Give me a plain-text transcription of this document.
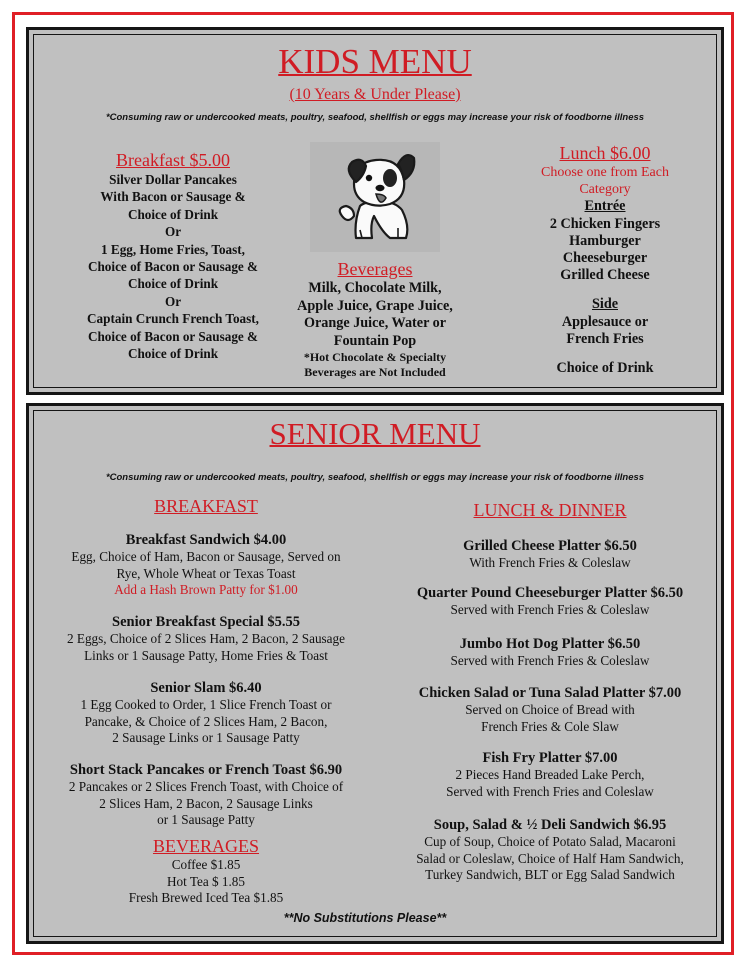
KIDS MENU
(10 Years & Under Please)
*Consuming raw or undercooked meats, poultry, seafood, shellfish or eggs may increase your risk of foodborne illness
Breakfast $5.00
Silver Dollar Pancakes
With Bacon or Sausage &
Choice of Drink
Or
1 Egg, Home Fries, Toast,
Choice of Bacon or Sausage &
Choice of Drink
Or
Captain Crunch French Toast,
Choice of Bacon or Sausage &
Choice of Drink
Beverages
Milk, Chocolate Milk,
Apple Juice, Grape Juice,
Orange Juice, Water or
Fountain Pop
*Hot Chocolate & Specialty
Beverages are Not Included
Lunch $6.00
Choose one from Each
Category
Entrée
2 Chicken Fingers
Hamburger
Cheeseburger
Grilled Cheese
Side
Applesauce or
French Fries
Choice of Drink
SENIOR MENU
*Consuming raw or undercooked meats, poultry, seafood, shellfish or eggs may increase your risk of foodborne illness
BREAKFAST
Breakfast Sandwich $4.00
Egg, Choice of Ham, Bacon or Sausage, Served on
Rye, Whole Wheat or Texas Toast
Add a Hash Brown Patty for $1.00
Senior Breakfast Special $5.55
2 Eggs, Choice of 2 Slices Ham, 2 Bacon, 2 Sausage
Links or 1 Sausage Patty, Home Fries & Toast
Senior Slam $6.40
1 Egg Cooked to Order, 1 Slice French Toast or
Pancake, & Choice of 2 Slices Ham, 2 Bacon,
2 Sausage Links or 1 Sausage Patty
Short Stack Pancakes or French Toast $6.90
2 Pancakes or 2 Slices French Toast, with Choice of
2 Slices Ham, 2 Bacon, 2 Sausage Links
or 1 Sausage Patty
BEVERAGES
Coffee $1.85
Hot Tea $ 1.85
Fresh Brewed Iced Tea $1.85
LUNCH & DINNER
Grilled Cheese Platter $6.50
With French Fries & Coleslaw
Quarter Pound Cheeseburger Platter $6.50
Served with French Fries & Coleslaw
Jumbo Hot Dog Platter $6.50
Served with French Fries & Coleslaw
Chicken Salad or Tuna Salad Platter $7.00
Served on Choice of Bread with
French Fries & Cole Slaw
Fish Fry Platter $7.00
2 Pieces Hand Breaded Lake Perch,
Served with French Fries and Coleslaw
Soup, Salad & ½ Deli Sandwich $6.95
Cup of Soup, Choice of Potato Salad, Macaroni
Salad or Coleslaw, Choice of Half Ham Sandwich,
Turkey Sandwich, BLT or Egg Salad Sandwich
**No Substitutions Please**
